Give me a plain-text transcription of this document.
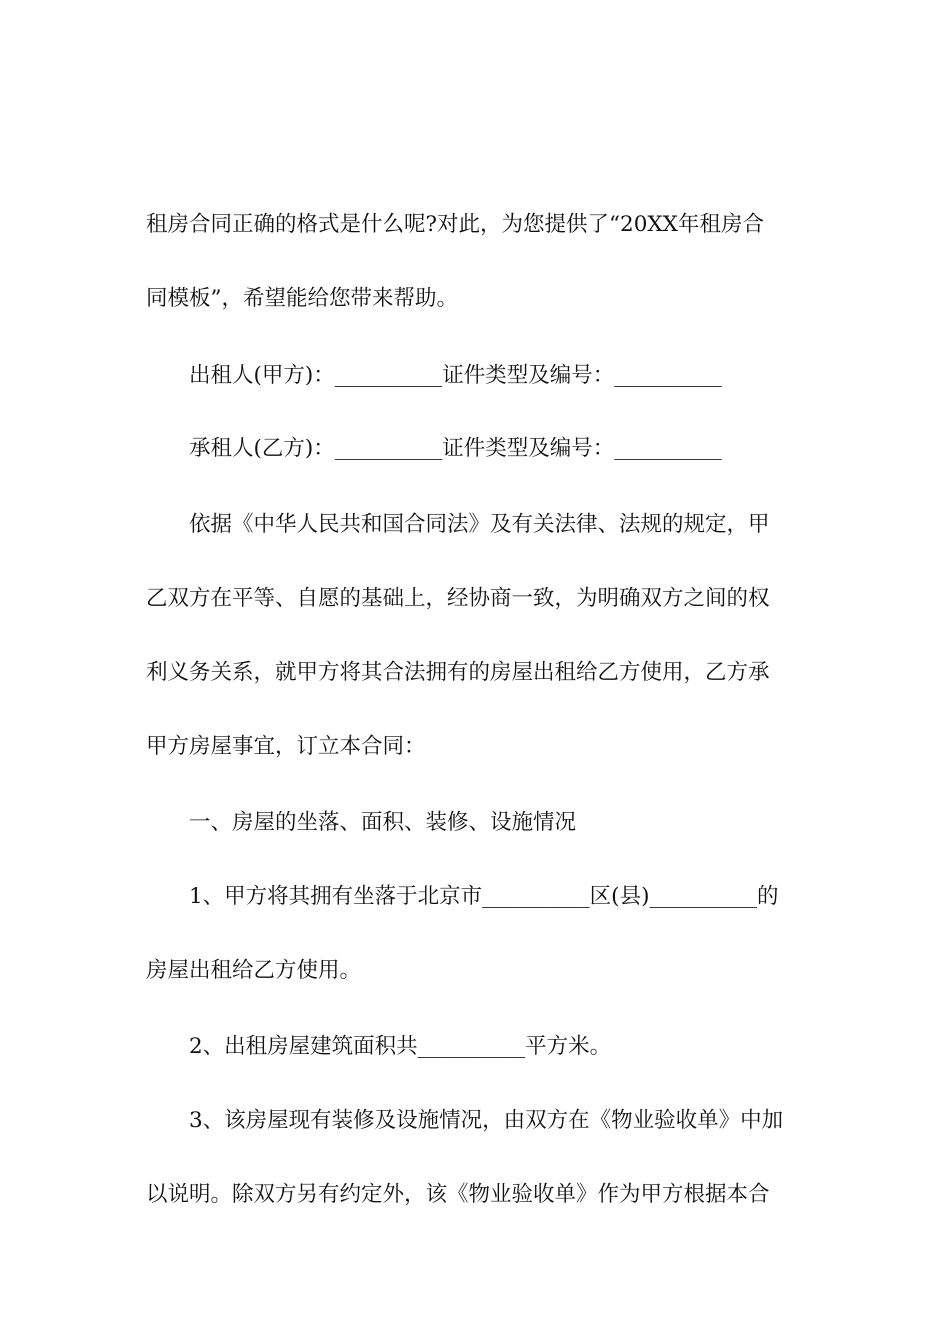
租房合同正确的格式是什么呢?对此，为您提供了“20XX年租房合
同模板”，希望能给您带来帮助。
出租人(甲方)：__________证件类型及编号：__________
承租人(乙方)：__________证件类型及编号：__________
依据《中华人民共和国合同法》及有关法律、法规的规定，甲
乙双方在平等、自愿的基础上，经协商一致，为明确双方之间的权
利义务关系，就甲方将其合法拥有的房屋出租给乙方使用，乙方承
甲方房屋事宜，订立本合同：
一、房屋的坐落、面积、装修、设施情况
1、甲方将其拥有坐落于北京市__________区(县)__________的
房屋出租给乙方使用。
2、出租房屋建筑面积共__________平方米。
3、该房屋现有装修及设施情况，由双方在《物业验收单》中加
以说明。除双方另有约定外，该《物业验收单》作为甲方根据本合
